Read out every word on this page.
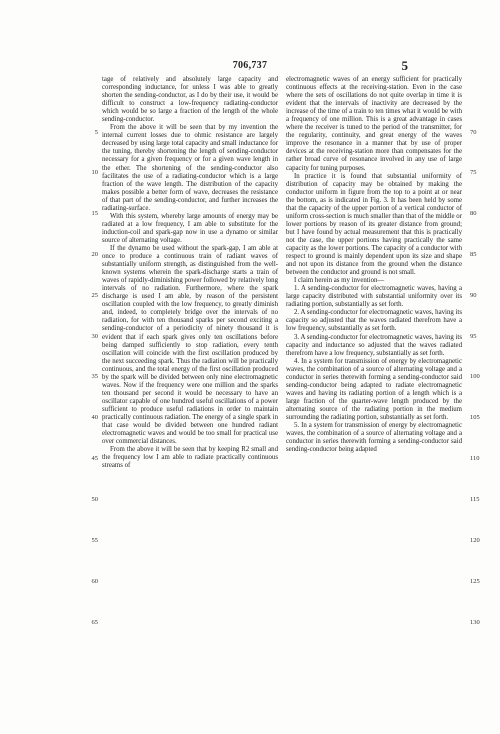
706,737	5

tage of relatively and absolutely large capacity and corresponding inductance, for unless I was able to greatly shorten the sending-conductor, as I do by their use, it would be difficult to construct a low-frequency radiating-conductor which would be so large a fraction of the length of the whole sending-conductor.

From the above it will be seen that by my invention the internal current losses due to ohmic resistance are largely decreased by using large total capacity and small inductance for the tuning, thereby shortening the length of sending-conductor necessary for a given frequency or for a given wave length in the ether. The shortening of the sending-conductor also facilitates the use of a radiating-conductor which is a large fraction of the wave length. The distribution of the capacity makes possible a better form of wave, decreases the resistance of that part of the sending-conductor, and further increases the radiating-surface.

With this system, whereby large amounts of energy may be radiated at a low frequency, I am able to substitute for the induction-coil and spark-gap now in use a dynamo or similar source of alternating voltage.

If the dynamo be used without the spark-gap, I am able at once to produce a continuous train of radiant waves of substantially uniform strength, as distinguished from the well-known systems wherein the spark-discharge starts a train of waves of rapidly-diminishing power followed by relatively long intervals of no radiation. Furthermore, where the spark discharge is used I am able, by reason of the persistent oscillation coupled with the low frequency, to greatly diminish and, indeed, to completely bridge over the intervals of no radiation, for with ten thousand sparks per second exciting a sending-conductor of a periodicity of ninety thousand it is evident that if each spark gives only ten oscillations before being damped sufficiently to stop radiation, every tenth oscillation will coincide with the first oscillation produced by the next succeeding spark. Thus the radiation will be practically continuous, and the total energy of the first oscillation produced by the spark will be divided between only nine electromagnetic waves. Now if the frequency were one million and the sparks ten thousand per second it would be necessary to have an oscillator capable of one hundred useful oscillations of a power sufficient to produce useful radiations in order to maintain practically continuous radiation. The energy of a single spark in that case would be divided between one hundred radiant electromagnetic waves and would be too small for practical use over commercial distances.

From the above it will be seen that by keeping R2 small and the frequency low I am able to radiate practically continuous streams of

5
10
15
20
25
30
35
40
45
50
55
60
65

electromagnetic waves of an energy sufficient for practically continuous effects at the receiving-station. Even in the case where the sets of oscillations do not quite overlap in time it is evident that the intervals of inactivity are decreased by the increase of the time of a train to ten times what it would be with a frequency of one million. This is a great advantage in cases where the receiver is tuned to the period of the transmitter, for the regularity, continuity, and great energy of the waves improve the resonance in a manner that by use of proper devices at the receiving-station more than compensates for the rather broad curve of resonance involved in any use of large capacity for tuning purposes.

In practice it is found that substantial uniformity of distribution of capacity may be obtained by making the conductor uniform in figure from the top to a point at or near the bottom, as is indicated in Fig. 3. It has been held by some that the capacity of the upper portion of a vertical conductor of uniform cross-section is much smaller than that of the middle or lower portions by reason of its greater distance from ground; but I have found by actual measurement that this is practically not the case, the upper portions having practically the same capacity as the lower portions. The capacity of a conductor with respect to ground is mainly dependent upon its size and shape and not upon its distance from the ground when the distance between the conductor and ground is not small.

I claim herein as my invention—

1. A sending-conductor for electromagnetic waves, having a large capacity distributed with substantial uniformity over its radiating portion, substantially as set forth.

2. A sending-conductor for electromagnetic waves, having its capacity so adjusted that the waves radiated therefrom have a low frequency, substantially as set forth.

3. A sending-conductor for electromagnetic waves, having its capacity and inductance so adjusted that the waves radiated therefrom have a low frequency, substantially as set forth.

4. In a system for transmission of energy by electromagnetic waves, the combination of a source of alternating voltage and a conductor in series therewith forming a sending-conductor said sending-conductor being adapted to radiate electromagnetic waves and having its radiating portion of a length which is a large fraction of the quarter-wave length produced by the alternating source of the radiating portion in the medium surrounding the radiating portion, substantially as set forth.

5. In a system for transmission of energy by electromagnetic waves, the combination of a source of alternating voltage and a conductor in series therewith forming a sending-conductor said sending-conductor being adapted

70
75
80
85
90
95
100
105
110
115
120
125
130
